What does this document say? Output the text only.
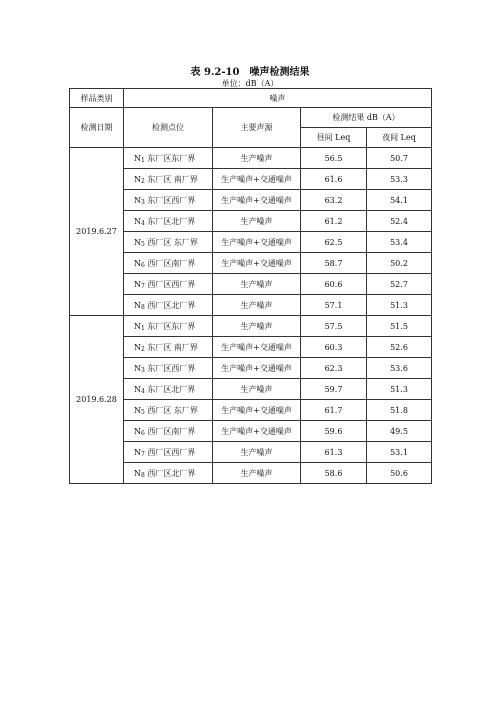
表 9.2-10　噪声检测结果
单位：dB（A）
样品类别	噪声			
检测日期	检测点位	主要声源	检测结果 dB（A）	
			昼间 Leq	夜间 Leq
2019.6.27	$N_1$ 东厂区东厂界	生产噪声	56.5	50.7
	$N_2$ 东厂区 南厂界	生产噪声+交通噪声	61.6	53.3
	$N_3$ 东厂区西厂界	生产噪声+交通噪声	63.2	54.1
	$N_4$ 东厂区北厂界	生产噪声	61.2	52.4
	$N_5$ 西厂区 东厂界	生产噪声+交通噪声	62.5	53.4
	$N_6$ 西厂区南厂界	生产噪声+交通噪声	58.7	50.2
	$N_7$ 西厂区西厂界	生产噪声	60.6	52.7
	$N_8$ 西厂区北厂界	生产噪声	57.1	51.3
2019.6.28	$N_1$ 东厂区东厂界	生产噪声	57.5	51.5
	$N_2$ 东厂区 南厂界	生产噪声+交通噪声	60.3	52.6
	$N_3$ 东厂区西厂界	生产噪声+交通噪声	62.3	53.6
	$N_4$ 东厂区北厂界	生产噪声	59.7	51.3
	$N_5$ 西厂区 东厂界	生产噪声+交通噪声	61.7	51.8
	$N_6$ 西厂区南厂界	生产噪声+交通噪声	59.6	49.5
	$N_7$ 西厂区西厂界	生产噪声	61.3	53.1
	$N_8$ 西厂区北厂界	生产噪声	58.6	50.6
